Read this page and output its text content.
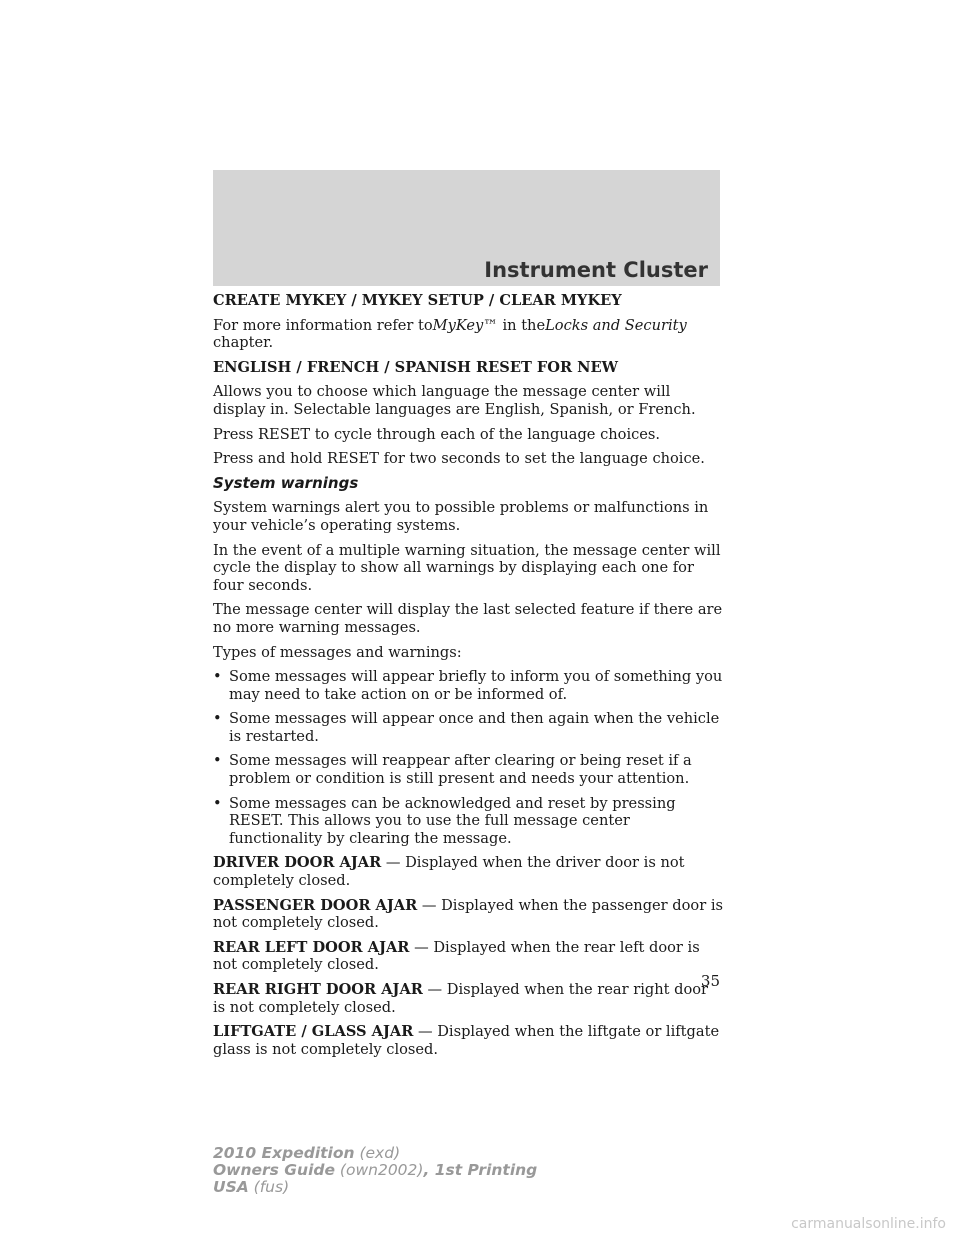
Instrument Cluster

CREATE MYKEY / MYKEY SETUP / CLEAR MYKEY

For more information refer toMyKey™ in theLocks and Security
chapter.

ENGLISH / FRENCH / SPANISH RESET FOR NEW

Allows you to choose which language the message center will display in. Selectable languages are English, Spanish, or French.

Press RESET to cycle through each of the language choices.

Press and hold RESET for two seconds to set the language choice.

System warnings

System warnings alert you to possible problems or malfunctions in your vehicle’s operating systems.

In the event of a multiple warning situation, the message center will cycle the display to show all warnings by displaying each one for four seconds.

The message center will display the last selected feature if there are no more warning messages.

Types of messages and warnings:

• Some messages will appear briefly to inform you of something you may need to take action on or be informed of.
• Some messages will appear once and then again when the vehicle is restarted.
• Some messages will reappear after clearing or being reset if a problem or condition is still present and needs your attention.
• Some messages can be acknowledged and reset by pressing RESET. This allows you to use the full message center functionality by clearing the message.

DRIVER DOOR AJAR — Displayed when the driver door is not completely closed.

PASSENGER DOOR AJAR — Displayed when the passenger door is not completely closed.

REAR LEFT DOOR AJAR — Displayed when the rear left door is not completely closed.

REAR RIGHT DOOR AJAR — Displayed when the rear right door is not completely closed.

LIFTGATE / GLASS AJAR — Displayed when the liftgate or liftgate glass is not completely closed.

35
2010 Expedition (exd)
Owners Guide (own2002), 1st Printing
USA (fus)
carmanualsonline.info
